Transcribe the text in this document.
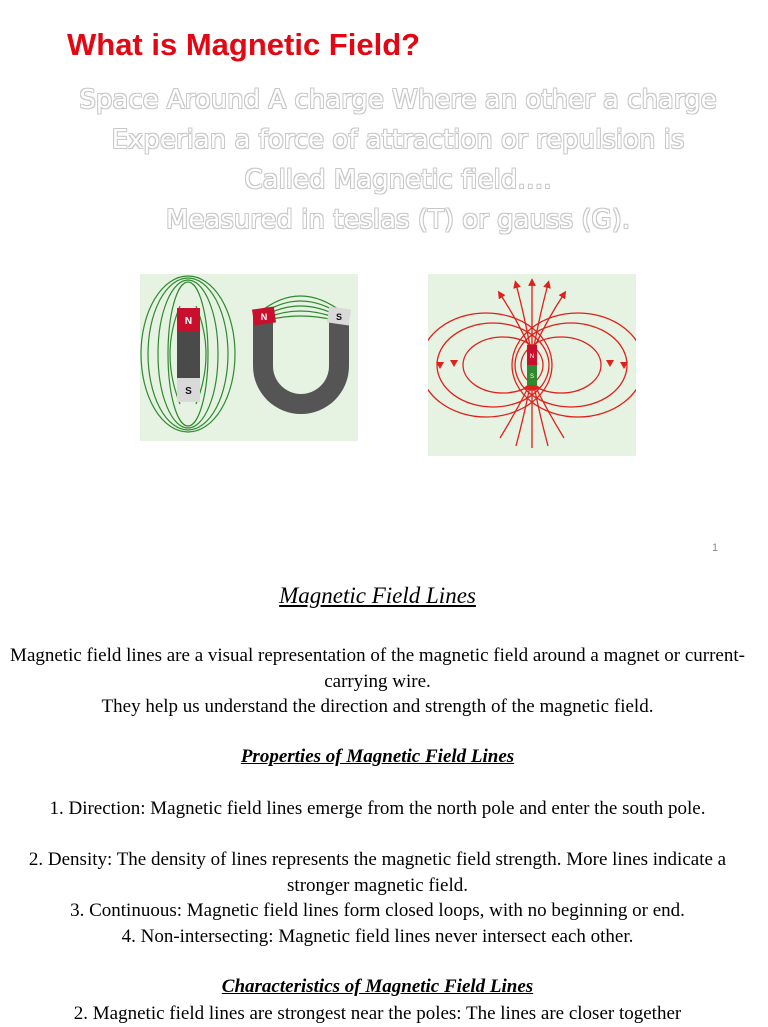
What is Magnetic Field?
Space Around A charge Where an other a charge
Experian a force of attraction or repulsion is
Called Magnetic field….
Measured in teslas (T) or gauss (G).
N
S
N	S
N
S
1
Magnetic Field Lines

Magnetic field lines are a visual representation of the magnetic field around a magnet or current-carrying wire.

They help us understand the direction and strength of the magnetic field.

Properties of Magnetic Field Lines

1. Direction: Magnetic field lines emerge from the north pole and enter the south pole.

2. Density: The density of lines represents the magnetic field strength. More lines indicate a stronger magnetic field.

3. Continuous: Magnetic field lines form closed loops, with no beginning or end.

4. Non-intersecting: Magnetic field lines never intersect each other.

Characteristics of Magnetic Field Lines

2. Magnetic field lines are strongest near the poles: The lines are closer together
